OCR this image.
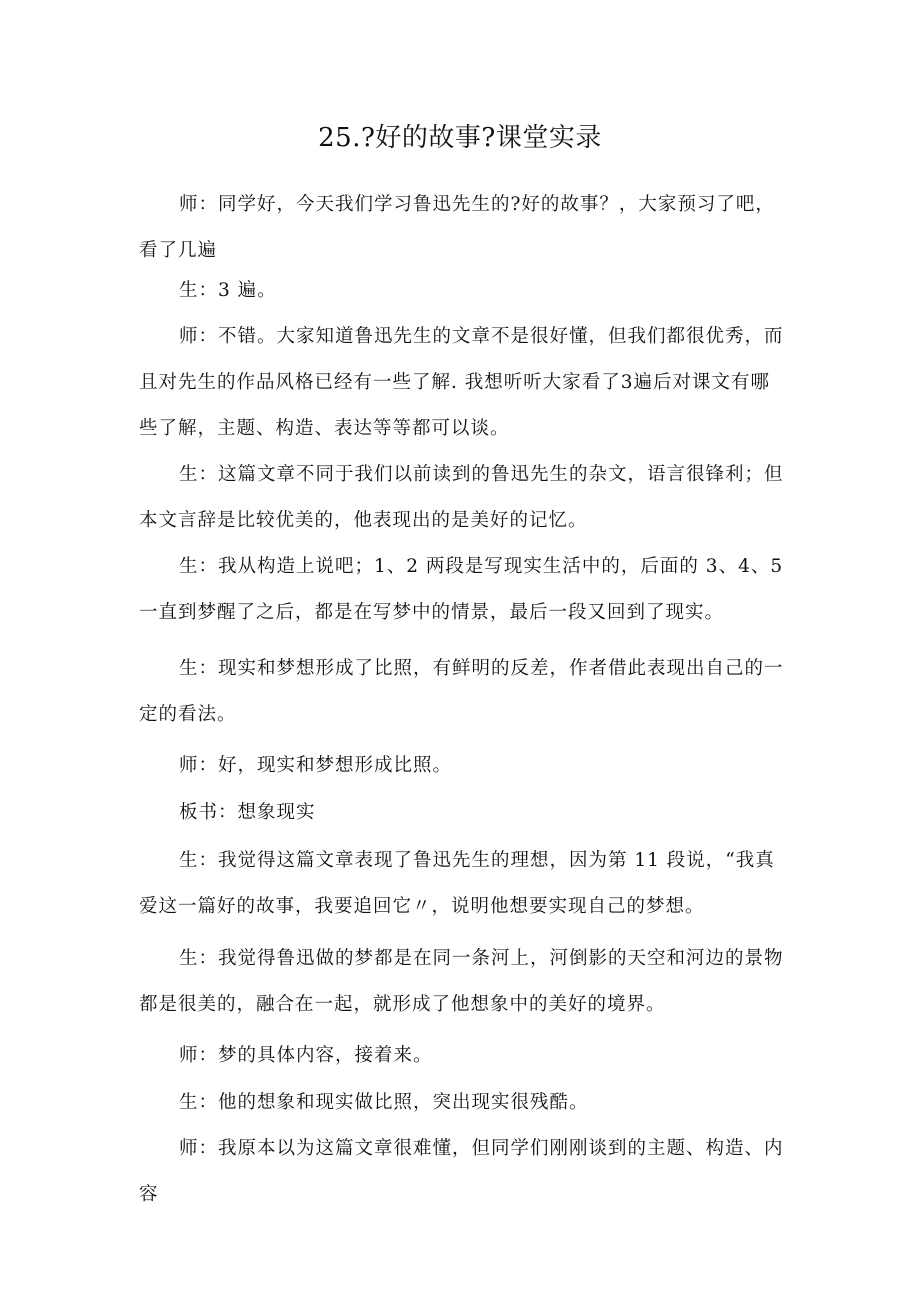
25.?好的故事?课堂实录

师：同学好，今天我们学习鲁迅先生的?好的故事？，大家预习了吧，看了几遍

生：3 遍。

师：不错。大家知道鲁迅先生的文章不是很好懂，但我们都很优秀，而且对先生的作品风格已经有一些了解. 我想听听大家看了3遍后对课文有哪些了解，主题、构造、表达等等都可以谈。

生：这篇文章不同于我们以前读到的鲁迅先生的杂文，语言很锋利；但本文言辞是比较优美的，他表现出的是美好的记忆。

生：我从构造上说吧；1、2 两段是写现实生活中的，后面的 3、4、5 一直到梦醒了之后，都是在写梦中的情景，最后一段又回到了现实。

生：现实和梦想形成了比照，有鲜明的反差，作者借此表现出自己的一定的看法。

师：好，现实和梦想形成比照。

板书：想象现实

生：我觉得这篇文章表现了鲁迅先生的理想，因为第 11 段说，“我真爱这一篇好的故事，我要追回它〃，说明他想要实现自己的梦想。

生：我觉得鲁迅做的梦都是在同一条河上，河倒影的天空和河边的景物都是很美的，融合在一起，就形成了他想象中的美好的境界。

师：梦的具体内容，接着来。

生：他的想象和现实做比照，突出现实很残酷。

师：我原本以为这篇文章很难懂，但同学们刚刚谈到的主题、构造、内容
